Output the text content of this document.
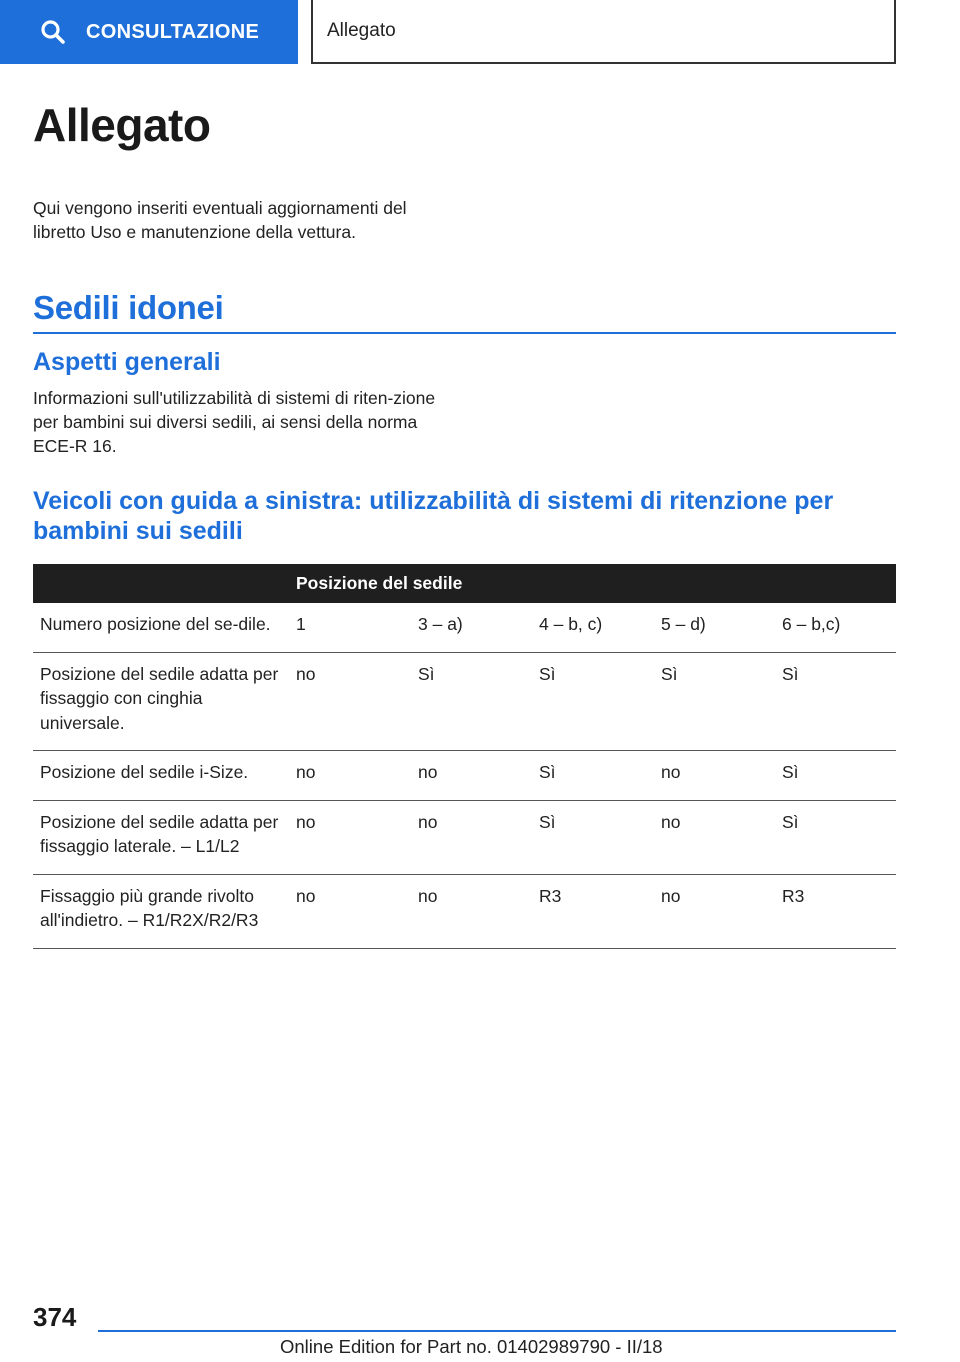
CONSULTAZIONE	Allegato
Allegato

Qui vengono inseriti eventuali aggiornamenti del libretto Uso e manutenzione della vettura.

Sedili idonei
Aspetti generali

Informazioni sull'utilizzabilità di sistemi di riten-zione per bambini sui diversi sedili, ai sensi della norma ECE-R 16.

Veicoli con guida a sinistra: utilizzabilità di sistemi di ritenzione per bambini sui sedili
	Posizione del sedile				
Numero posizione del se-dile.	1	3 – a)	4 – b, c)	5 – d)	6 – b,c)
Posizione del sedile adatta per fissaggio con cinghia universale.	no	Sì	Sì	Sì	Sì
Posizione del sedile i-Size.	no	no	Sì	no	Sì
Posizione del sedile adatta per fissaggio laterale. – L1/L2	no	no	Sì	no	Sì
Fissaggio più grande rivolto all'indietro. – R1/R2X/R2/R3	no	no	R3	no	R3
374
Online Edition for Part no. 01402989790 - II/18
